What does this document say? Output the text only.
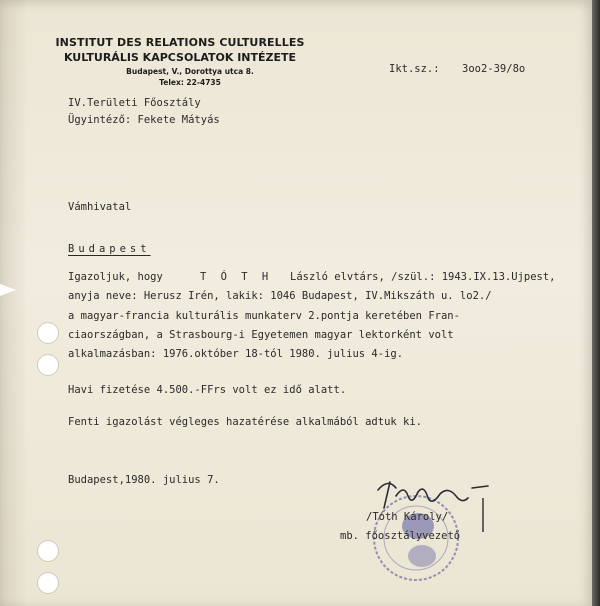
INSTITUT DES RELATIONS CULTURELLES
KULTURÁLIS KAPCSOLATOK INTÉZETE
Budapest, V., Dorottya utca 8.
Telex: 22-4735
Ikt.sz.: 3oo2-39/8o
IV.Területi Főosztály
Ügyintéző: Fekete Mátyás
Vámhivatal
Budapest
Igazoljuk, hogy	T Ó T H László elvtárs, /szül.: 1943.IX.13.Ujpest,
anyja neve: Herusz Irén, lakik: 1046 Budapest, IV.Mikszáth u. lo2./
a magyar-francia kulturális munkaterv 2.pontja keretében Fran-
ciaországban, a Strasbourg-i Egyetemen magyar lektorként volt
alkalmazásban: 1976.október 18-tól 1980. julius 4-ig.
Havi fizetése 4.500.-FFrs volt ez idő alatt.
Fenti igazolást végleges hazatérése alkalmából adtuk ki.
Budapest,1980. julius 7.
/Tóth Károly/
mb. főosztályvezető
